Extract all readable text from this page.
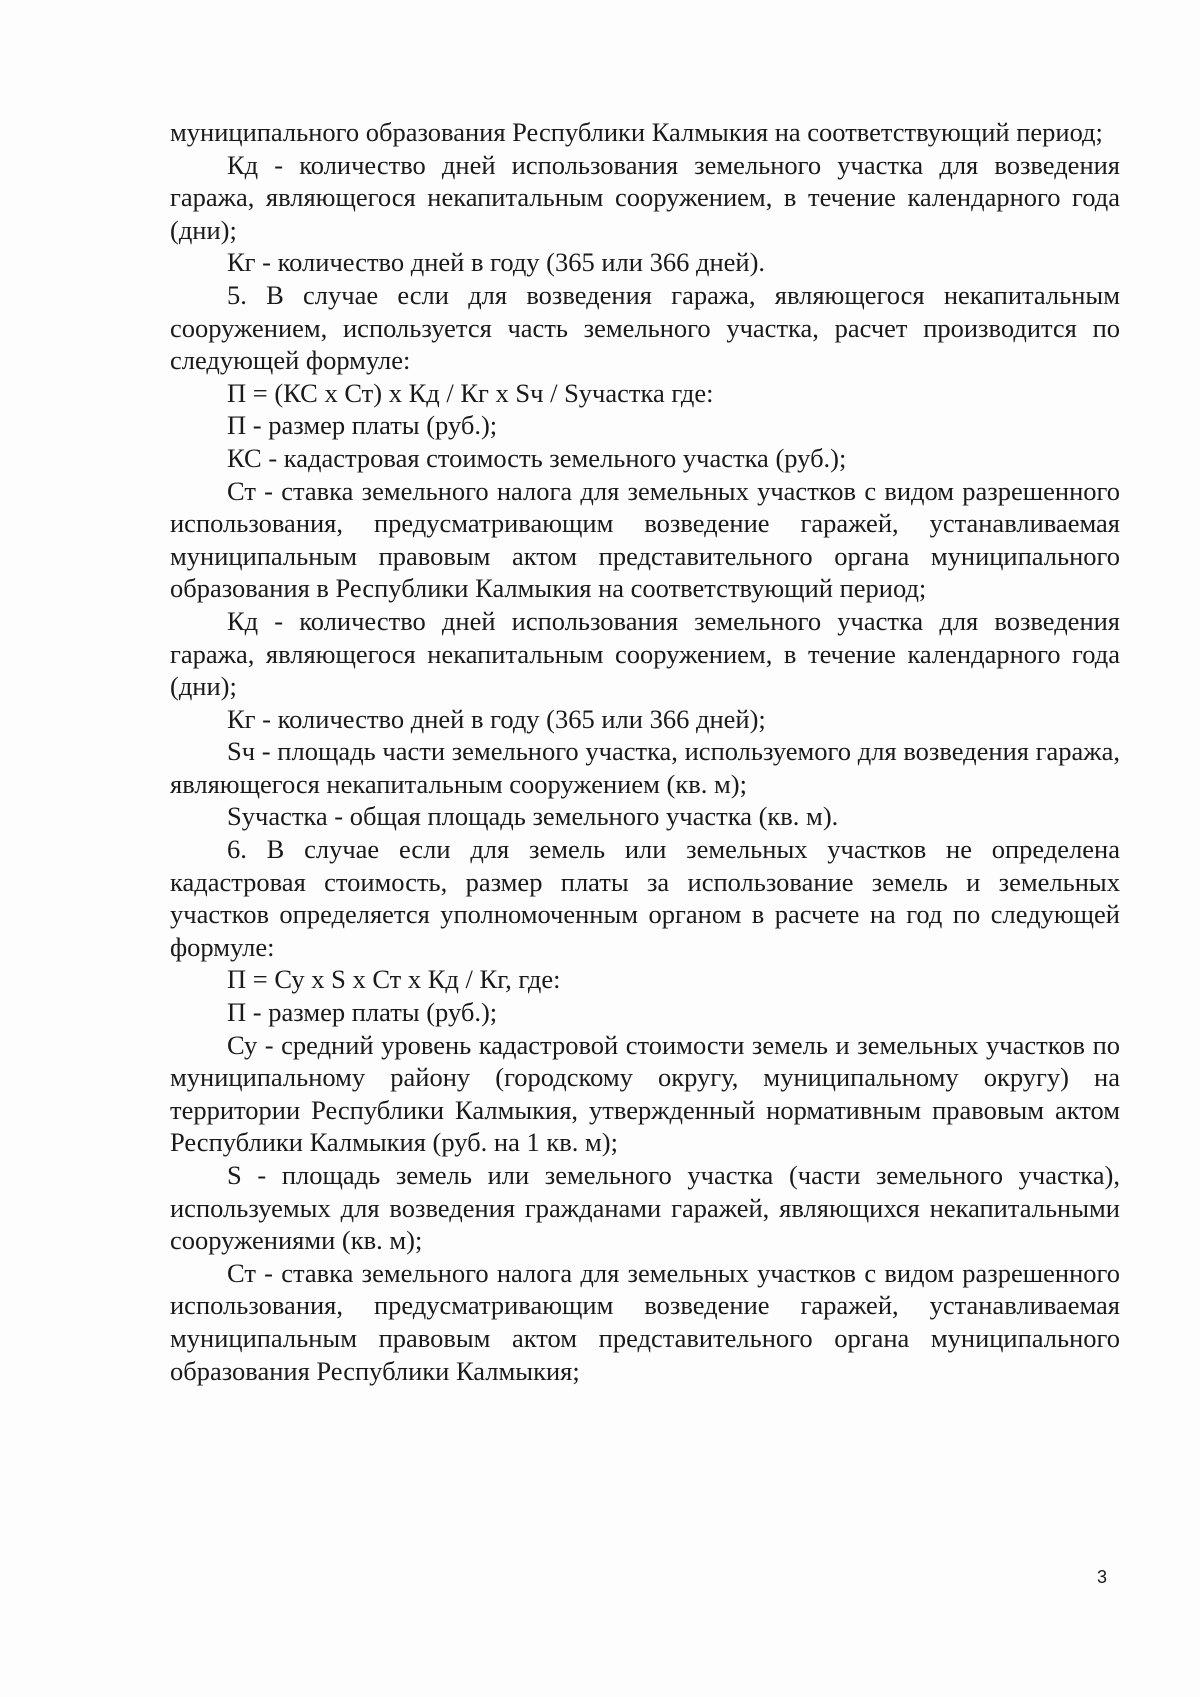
муниципального образования Республики Калмыкия на соответствующий период;

Кд - количество дней использования земельного участка для возведения гаража, являющегося некапитальным сооружением, в течение календарного года (дни);

Кг - количество дней в году (365 или 366 дней).

5. В случае если для возведения гаража, являющегося некапитальным сооружением, используется часть земельного участка, расчет производится по следующей формуле:

П = (КС х Ст) х Кд / Кг х Sч / Sучастка где:

П - размер платы (руб.);

КС - кадастровая стоимость земельного участка (руб.);

Ст - ставка земельного налога для земельных участков с видом разрешенного использования, предусматривающим возведение гаражей, устанавливаемая муниципальным правовым актом представительного органа муниципального образования в Республики Калмыкия на соответствующий период;

Кд - количество дней использования земельного участка для возведения гаража, являющегося некапитальным сооружением, в течение календарного года (дни);

Кг - количество дней в году (365 или 366 дней);

Sч - площадь части земельного участка, используемого для возведения гаража, являющегося некапитальным сооружением (кв. м);

Sучастка - общая площадь земельного участка (кв. м).

6. В случае если для земель или земельных участков не определена кадастровая стоимость, размер платы за использование земель и земельных участков определяется уполномоченным органом в расчете на год по следующей формуле:

П = Су х S х Ст х Кд / Кг, где:

П - размер платы (руб.);

Су - средний уровень кадастровой стоимости земель и земельных участков по муниципальному району (городскому округу, муниципальному округу) на территории Республики Калмыкия, утвержденный нормативным правовым актом Республики Калмыкия (руб. на 1 кв. м);

S - площадь земель или земельного участка (части земельного участка), используемых для возведения гражданами гаражей, являющихся некапитальными сооружениями (кв. м);

Ст - ставка земельного налога для земельных участков с видом разрешенного использования, предусматривающим возведение гаражей, устанавливаемая муниципальным правовым актом представительного органа муниципального образования Республики Калмыкия;

3
